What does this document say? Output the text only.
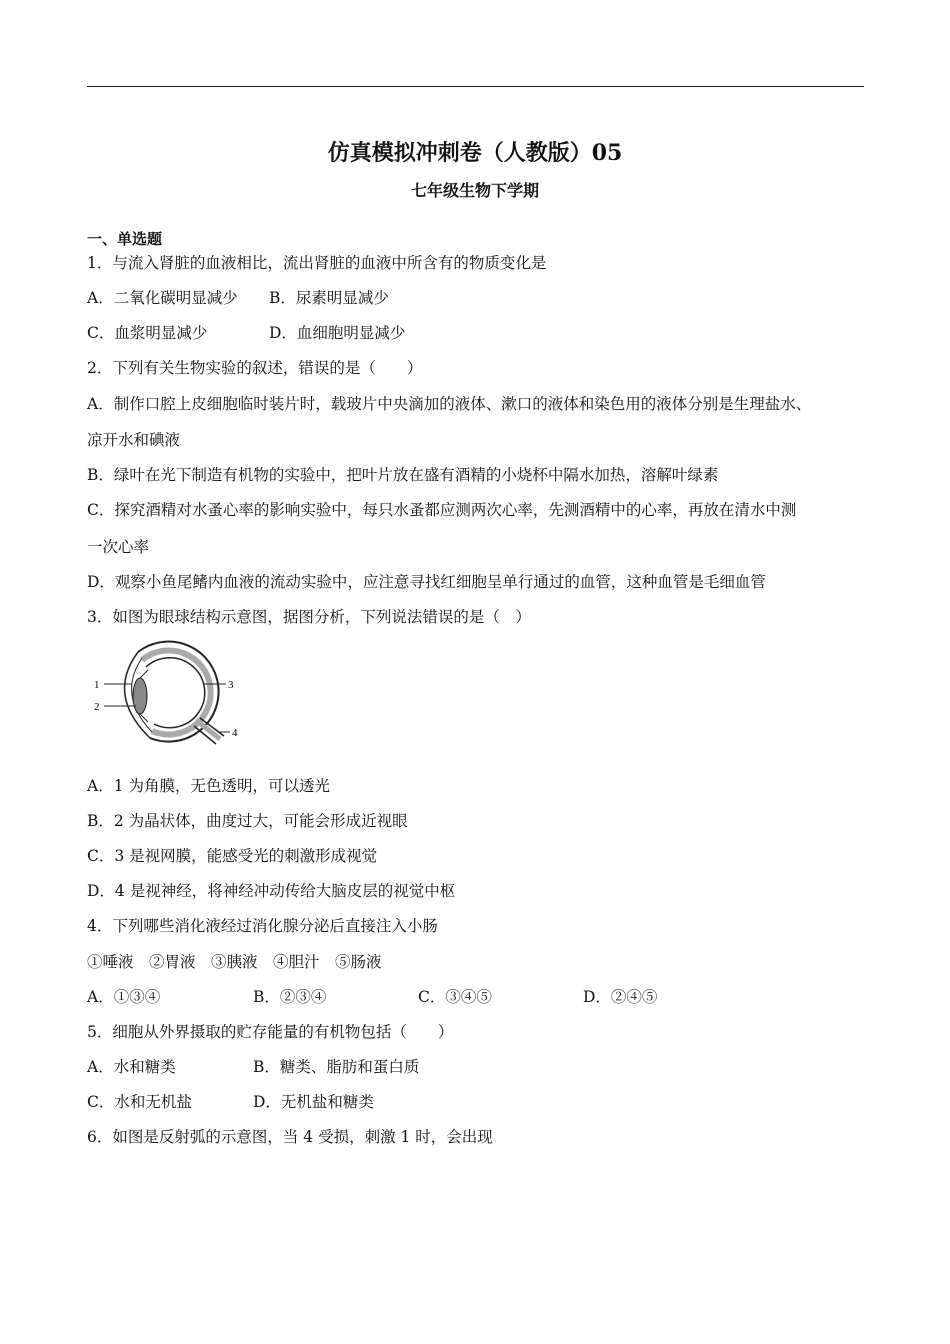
仿真模拟冲刺卷（人教版）05
七年级生物下学期
一、单选题
1．与流入肾脏的血液相比，流出肾脏的血液中所含有的物质变化是
A．二氧化碳明显减少 B．尿素明显减少
C．血浆明显减少	D．血细胞明显减少
2．下列有关生物实验的叙述，错误的是（　　）
A．制作口腔上皮细胞临时装片时，载玻片中央滴加的液体、漱口的液体和染色用的液体分别是生理盐水、
凉开水和碘液
B．绿叶在光下制造有机物的实验中，把叶片放在盛有酒精的小烧杯中隔水加热，溶解叶绿素
C．探究酒精对水蚤心率的影响实验中，每只水蚤都应测两次心率，先测酒精中的心率，再放在清水中测
一次心率
D．观察小鱼尾鳍内血液的流动实验中，应注意寻找红细胞呈单行通过的血管，这种血管是毛细血管
3．如图为眼球结构示意图，据图分析，下列说法错误的是（　）
1
2
3
4
A．1 为角膜，无色透明，可以透光
B．2 为晶状体，曲度过大，可能会形成近视眼
C．3 是视网膜，能感受光的刺激形成视觉
D．4 是视神经，将神经冲动传给大脑皮层的视觉中枢
4．下列哪些消化液经过消化腺分泌后直接注入小肠
①唾液　②胃液　③胰液　④胆汁　⑤肠液
A．①③④	B．②③④	C．③④⑤	D．②④⑤
5．细胞从外界摄取的贮存能量的有机物包括（　　）
A．水和糖类	B．糖类、脂肪和蛋白质
C．水和无机盐	D．无机盐和糖类
6．如图是反射弧的示意图，当 4 受损，刺激 1 时，会出现
